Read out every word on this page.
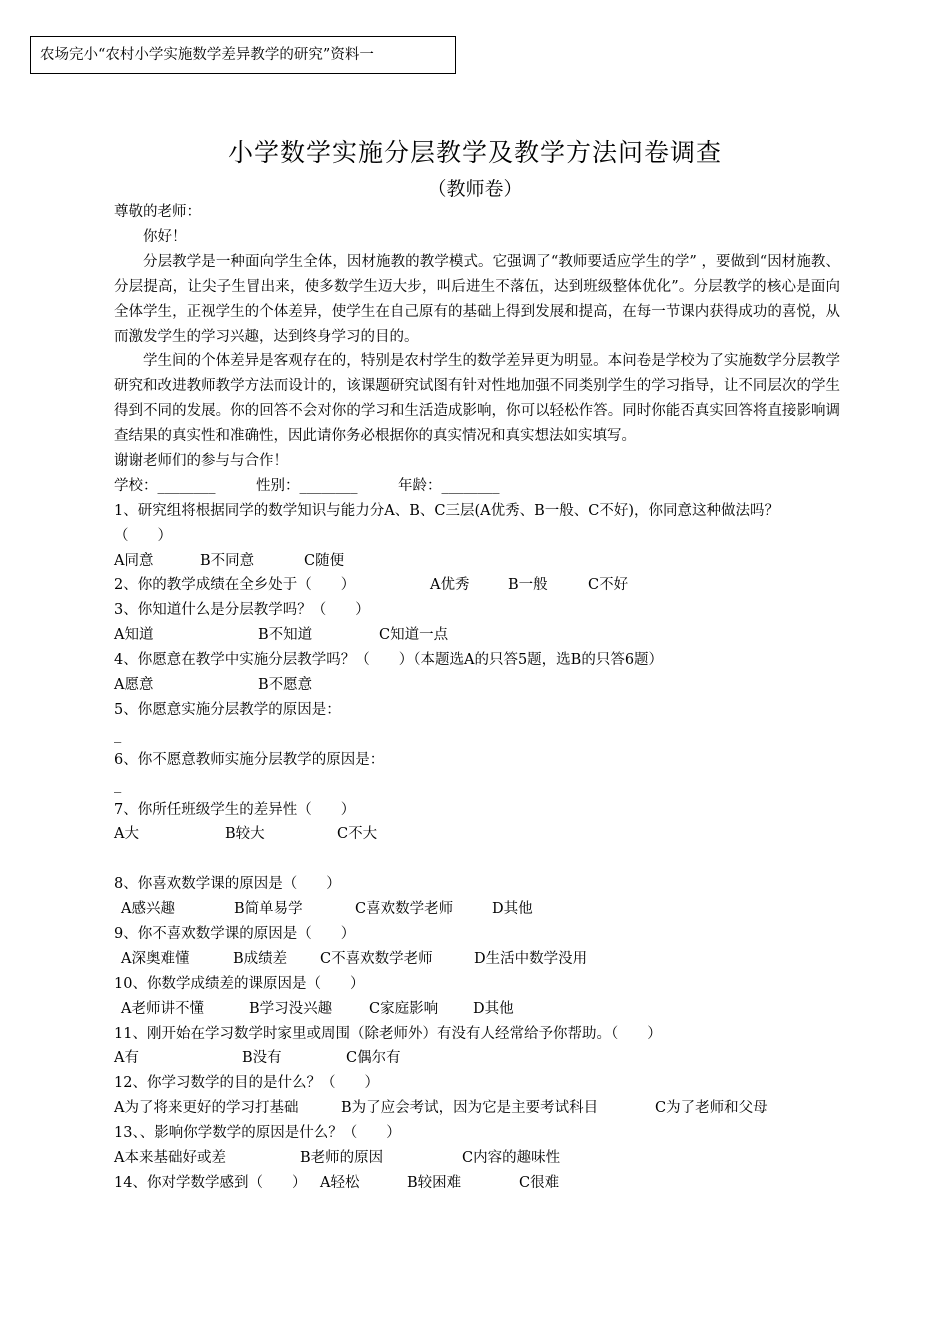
农场完小“农村小学实施数学差异教学的研究”资料一
小学数学实施分层教学及教学方法问卷调查
（教师卷）
尊敬的老师：
你好！
分层教学是一种面向学生全体，因材施教的教学模式。它强调了“教师要适应学生的学” ，要做到“因材施教、分层提高，让尖子生冒出来，使多数学生迈大步，叫后进生不落伍，达到班级整体优化”。分层教学的核心是面向全体学生，正视学生的个体差异，使学生在自己原有的基础上得到发展和提高，在每一节课内获得成功的喜悦，从而激发学生的学习兴趣，达到终身学习的目的。
学生间的个体差异是客观存在的，特别是农村学生的数学差异更为明显。本问卷是学校为了实施数学分层教学研究和改进教师教学方法而设计的，该课题研究试图有针对性地加强不同类别学生的学习指导，让不同层次的学生得到不同的发展。你的回答不会对你的学习和生活造成影响，你可以轻松作答。同时你能否真实回答将直接影响调查结果的真实性和准确性，因此请你务必根据你的真实情况和真实想法如实填写。
谢谢老师们的参与与合作！
学校：________	性别：________	年龄：________
1、研究组将根据同学的数学知识与能力分A、B、C三层(A优秀、B一般、C不好)，你同意这种做法吗？
（　　）
A同意	B不同意	C随便
2、你的教学成绩在全乡处于（　　）	A优秀	B一般	C不好
3、你知道什么是分层教学吗？（　　）
A知道	B不知道	C知道一点
4、你愿意在教学中实施分层教学吗？（　　）（本题选A的只答5题，选B的只答6题）
A愿意	B不愿意
5、你愿意实施分层教学的原因是：
_
6、你不愿意教师实施分层教学的原因是：
_
7、你所任班级学生的差异性（　　）
A大	B较大	C不大
8、你喜欢数学课的原因是（　　）
A感兴趣	B简单易学	C喜欢数学老师	D其他
9、你不喜欢数学课的原因是（　　）
A深奥难懂	B成绩差 C不喜欢数学老师	D生活中数学没用
10、你数学成绩差的课原因是（　　）
A老师讲不懂	B学习没兴趣	C家庭影响 D其他
11、刚开始在学习数学时家里或周围（除老师外）有没有人经常给予你帮助。（　　）
A有	B没有	C偶尔有
12、你学习数学的目的是什么？（　　）
A为了将来更好的学习打基础	B为了应会考试，因为它是主要考试科目	C为了老师和父母
13、、影响你学数学的原因是什么？（　　）
A本来基础好或差	B老师的原因	C内容的趣味性
14、你对学数学感到（　　） A轻松	B较困难	C很难
